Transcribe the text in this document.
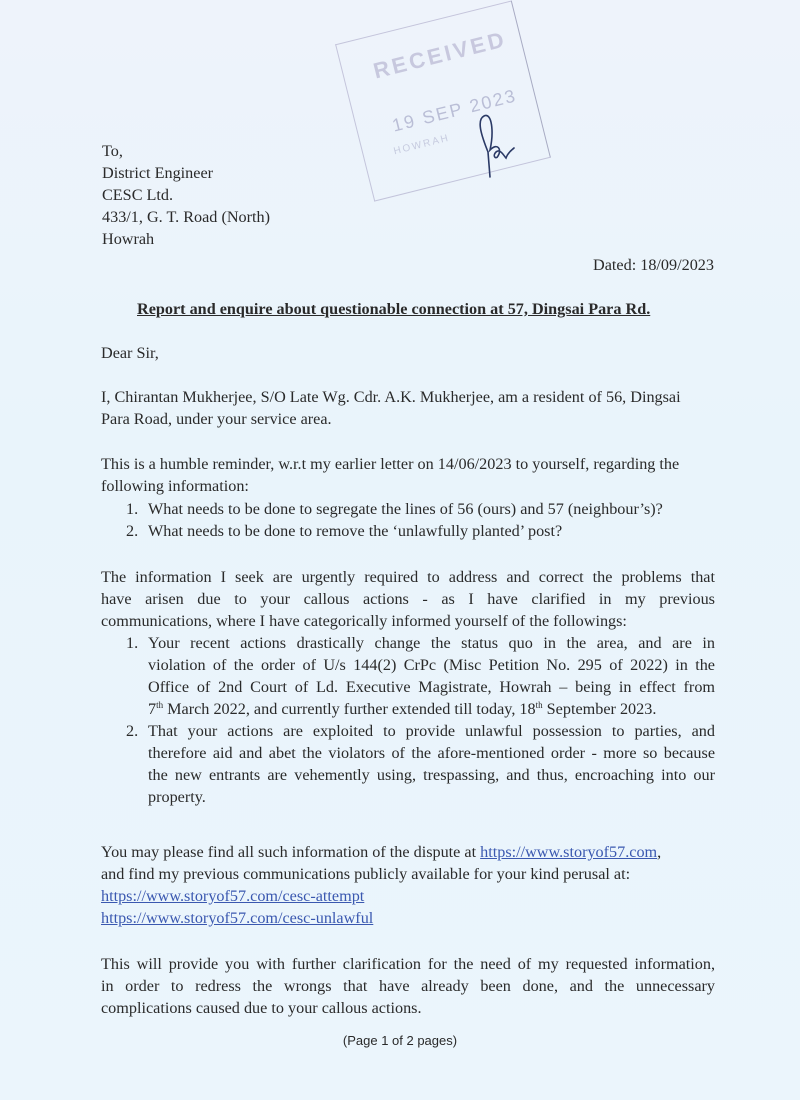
RECEIVED
19 SEP 2023
HOWRAH
To,
District Engineer
CESC Ltd.
433/1, G. T. Road (North)
Howrah
Dated: 18/09/2023
Report and enquire about questionable connection at 57, Dingsai Para Rd.
Dear Sir,
I, Chirantan Mukherjee, S/O Late Wg. Cdr. A.K. Mukherjee, am a resident of 56, Dingsai
Para Road, under your service area.
This is a humble reminder, w.r.t my earlier letter on 14/06/2023 to yourself, regarding the
following information:
1. What needs to be done to segregate the lines of 56 (ours) and 57 (neighbour’s)?
2. What needs to be done to remove the ‘unlawfully planted’ post?
The information I seek are urgently required to address and correct the problems that
have arisen due to your callous actions - as I have clarified in my previous
communications, where I have categorically informed yourself of the followings:
1. Your recent actions drastically change the status quo in the area, and are in
violation of the order of U/s 144(2) CrPc (Misc Petition No. 295 of 2022) in the
Office of 2nd Court of Ld. Executive Magistrate, Howrah – being in effect from
7th March 2022, and currently further extended till today, 18th September 2023.
2. That your actions are exploited to provide unlawful possession to parties, and
therefore aid and abet the violators of the afore-mentioned order - more so because
the new entrants are vehemently using, trespassing, and thus, encroaching into our
property.
You may please find all such information of the dispute at https://www.storyof57.com,
and find my previous communications publicly available for your kind perusal at:
https://www.storyof57.com/cesc-attempt
https://www.storyof57.com/cesc-unlawful
This will provide you with further clarification for the need of my requested information,
in order to redress the wrongs that have already been done, and the unnecessary
complications caused due to your callous actions.
(Page 1 of 2 pages)
